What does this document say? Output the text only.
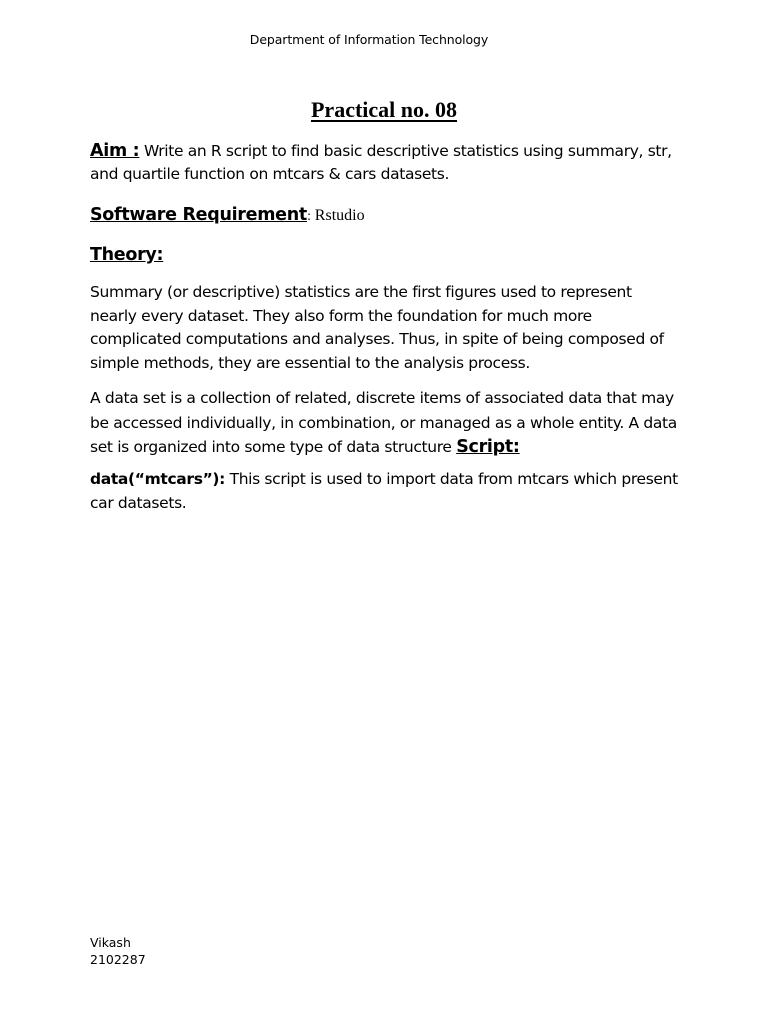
Department of Information Technology
Practical no. 08
Aim : Write an R script to find basic descriptive statistics using summary, str, and quartile function on mtcars & cars datasets.
Software Requirement: Rstudio
Theory:
Summary (or descriptive) statistics are the first figures used to represent nearly every dataset. They also form the foundation for much more complicated computations and analyses. Thus, in spite of being composed of simple methods, they are essential to the analysis process.
A data set is a collection of related, discrete items of associated data that may be accessed individually, in combination, or managed as a whole entity. A data set is organized into some type of data structure Script:
data(“mtcars”): This script is used to import data from mtcars which present car datasets.
Vikash
2102287
